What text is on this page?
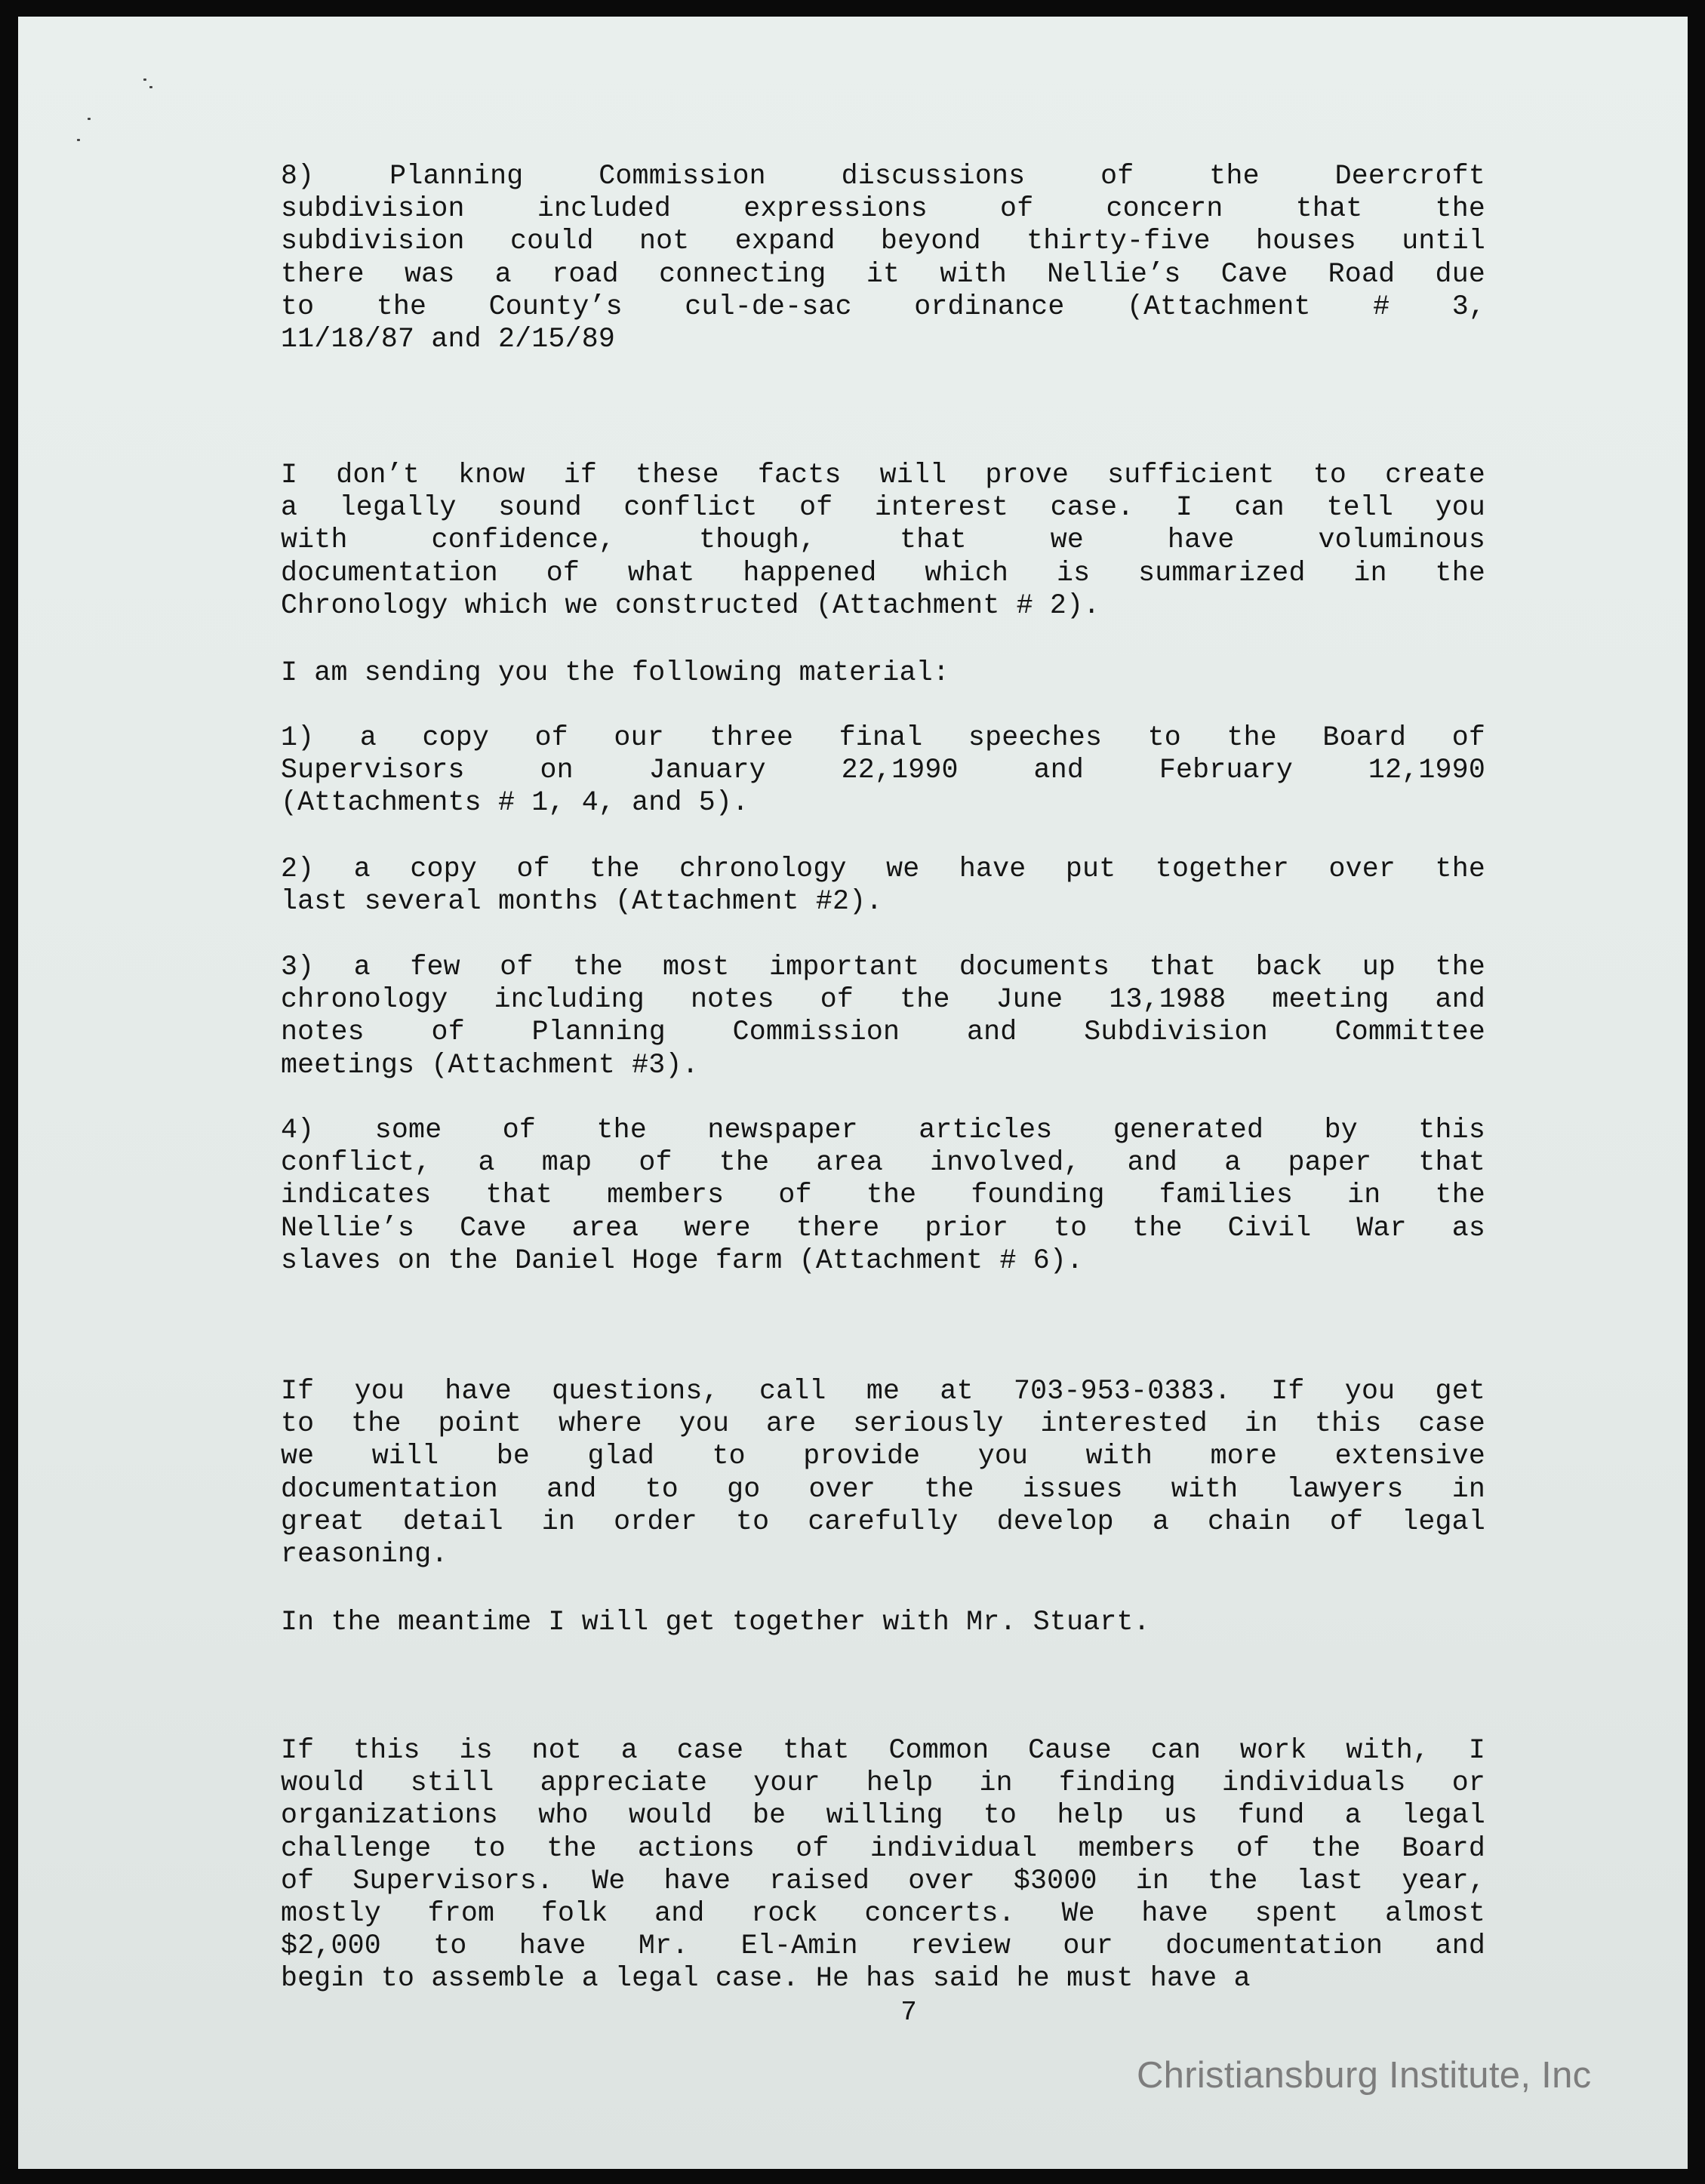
8) Planning Commission discussions of the Deercroft
subdivision included expressions of concern that the
subdivision could not expand beyond thirty-five houses until
there was a road connecting it with Nellie’s Cave Road due
to the County’s cul-de-sac ordinance (Attachment # 3,
11/18/87 and 2/15/89
I don’t know if these facts will prove sufficient to create
a legally sound conflict of interest case. I can tell you
with confidence, though, that we have voluminous
documentation of what happened which is summarized in the
Chronology which we constructed (Attachment # 2).
I am sending you the following material:
1) a copy of our three final speeches to the Board of
Supervisors on January 22,1990 and February 12,1990
(Attachments # 1, 4, and 5).
2) a copy of the chronology we have put together over the
last several months (Attachment #2).
3) a few of the most important documents that back up the
chronology including notes of the June 13,1988 meeting and
notes of Planning Commission and Subdivision Committee
meetings (Attachment #3).
4) some of the newspaper articles generated by this
conflict, a map of the area involved, and a paper that
indicates that members of the founding families in the
Nellie’s Cave area were there prior to the Civil War as
slaves on the Daniel Hoge farm (Attachment # 6).
If you have questions, call me at 703-953-0383. If you get
to the point where you are seriously interested in this case
we will be glad to provide you with more extensive
documentation and to go over the issues with lawyers in
great detail in order to carefully develop a chain of legal
reasoning.
In the meantime I will get together with Mr. Stuart.
If this is not a case that Common Cause can work with, I
would still appreciate your help in finding individuals or
organizations who would be willing to help us fund a legal
challenge to the actions of individual members of the Board
of Supervisors. We have raised over $3000 in the last year,
mostly from folk and rock concerts. We have spent almost
$2,000 to have Mr. El-Amin review our documentation and
begin to assemble a legal case. He has said he must have a
7
Christiansburg Institute, Inc
